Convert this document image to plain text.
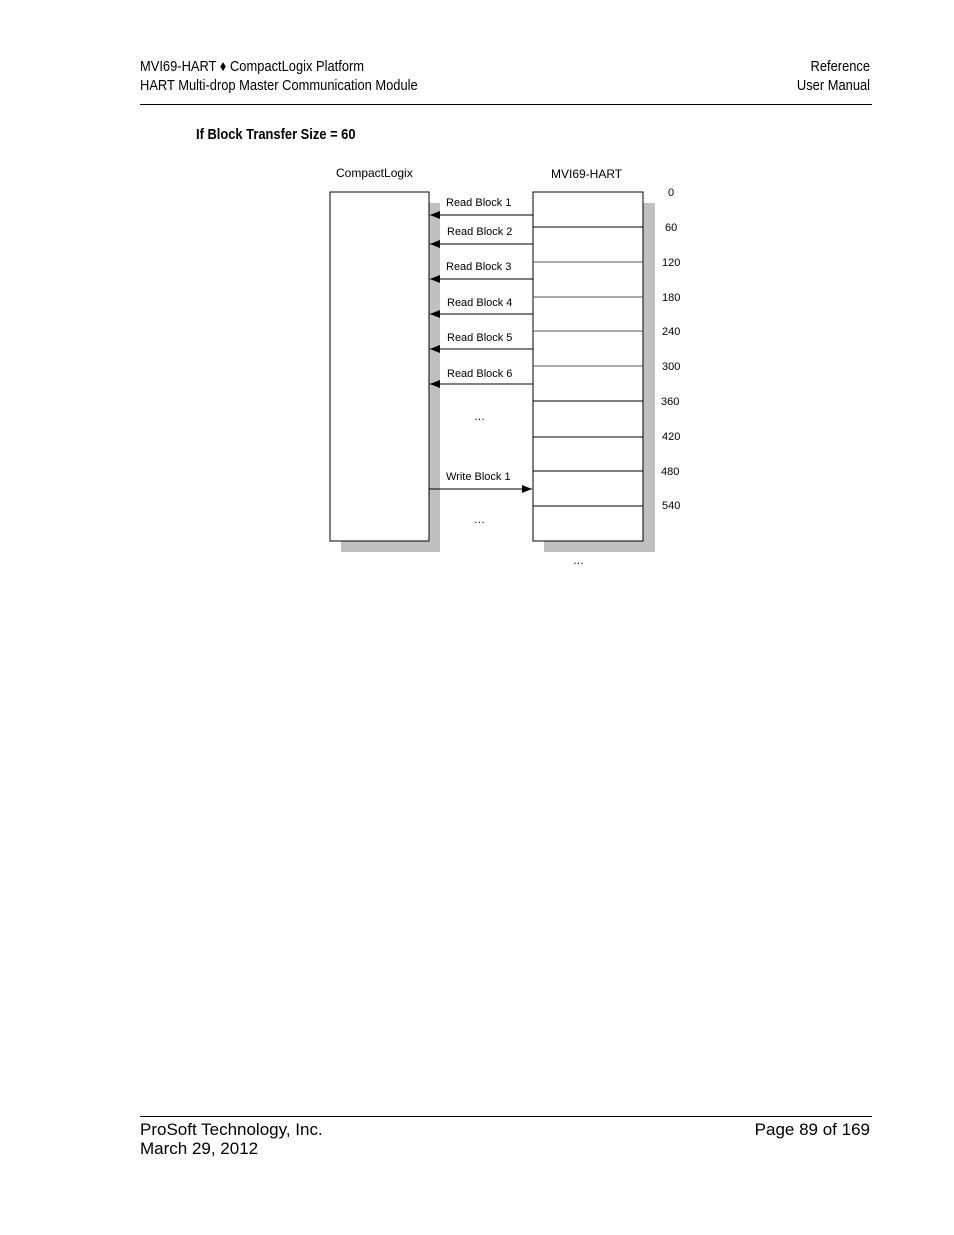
MVI69-HART ♦ CompactLogix Platform
HART Multi-drop Master Communication Module
Reference
User Manual
If Block Transfer Size = 60
CompactLogix	MVI69-HART
0
60
120
180
240
300
360
420
480
540
Read Block 1
Read Block 2
Read Block 3
Read Block 4
Read Block 5
Read Block 6
…
Write Block 1
…
…
ProSoft Technology, Inc.
March 29, 2012
Page 89 of 169
